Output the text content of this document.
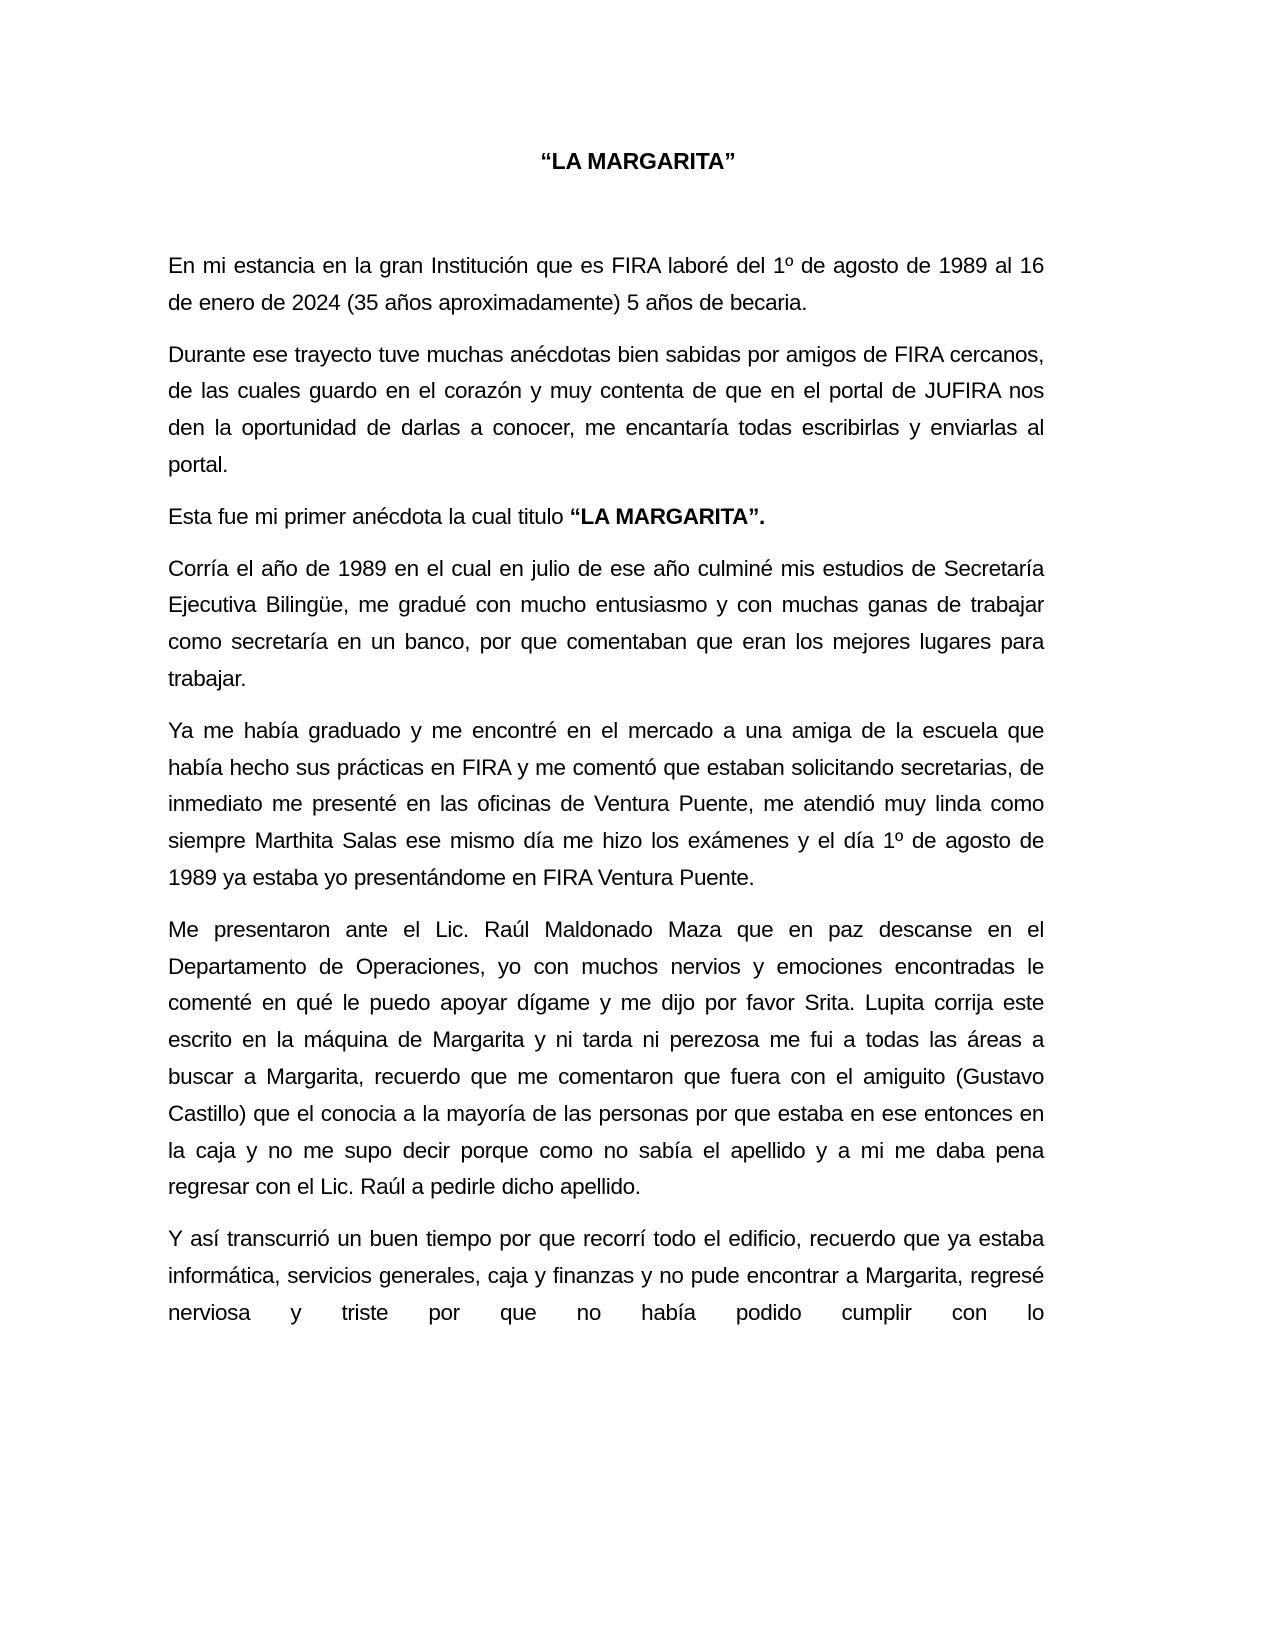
“LA MARGARITA”

En mi estancia en la gran Institución que es FIRA laboré del 1º de agosto de 1989 al 16 de enero de 2024 (35 años aproximadamente) 5 años de becaria.

Durante ese trayecto tuve muchas anécdotas bien sabidas por amigos de FIRA cercanos, de las cuales guardo en el corazón y muy contenta de que en el portal de JUFIRA nos den la oportunidad de darlas a conocer, me encantaría todas escribirlas y enviarlas al portal.

Esta fue mi primer anécdota la cual titulo “LA MARGARITA”.

Corría el año de 1989 en el cual en julio de ese año culminé mis estudios de Secretaría Ejecutiva Bilingüe, me gradué con mucho entusiasmo y con muchas ganas de trabajar como secretaría en un banco, por que comentaban que eran los mejores lugares para trabajar.

Ya me había graduado y me encontré en el mercado a una amiga de la escuela que había hecho sus prácticas en FIRA y me comentó que estaban solicitando secretarias, de inmediato me presenté en las oficinas de Ventura Puente, me atendió muy linda como siempre Marthita Salas ese mismo día me hizo los exámenes y el día 1º de agosto de 1989 ya estaba yo presentándome en FIRA Ventura Puente.

Me presentaron ante el Lic. Raúl Maldonado Maza que en paz descanse en el Departamento de Operaciones, yo con muchos nervios y emociones encontradas le comenté en qué le puedo apoyar dígame y me dijo por favor Srita. Lupita corrija este escrito en la máquina de Margarita y ni tarda ni perezosa me fui a todas las áreas a buscar a Margarita, recuerdo que me comentaron que fuera con el amiguito (Gustavo Castillo) que el conocia a la mayoría de las personas por que estaba en ese entonces en la caja y no me supo decir porque como no sabía el apellido y a mi me daba pena regresar con el Lic. Raúl a pedirle dicho apellido.

Y así transcurrió un buen tiempo por que recorrí todo el edificio, recuerdo que ya estaba informática, servicios generales, caja y finanzas y no pude encontrar a Margarita, regresé nerviosa y triste por que no había podido cumplir con lo
